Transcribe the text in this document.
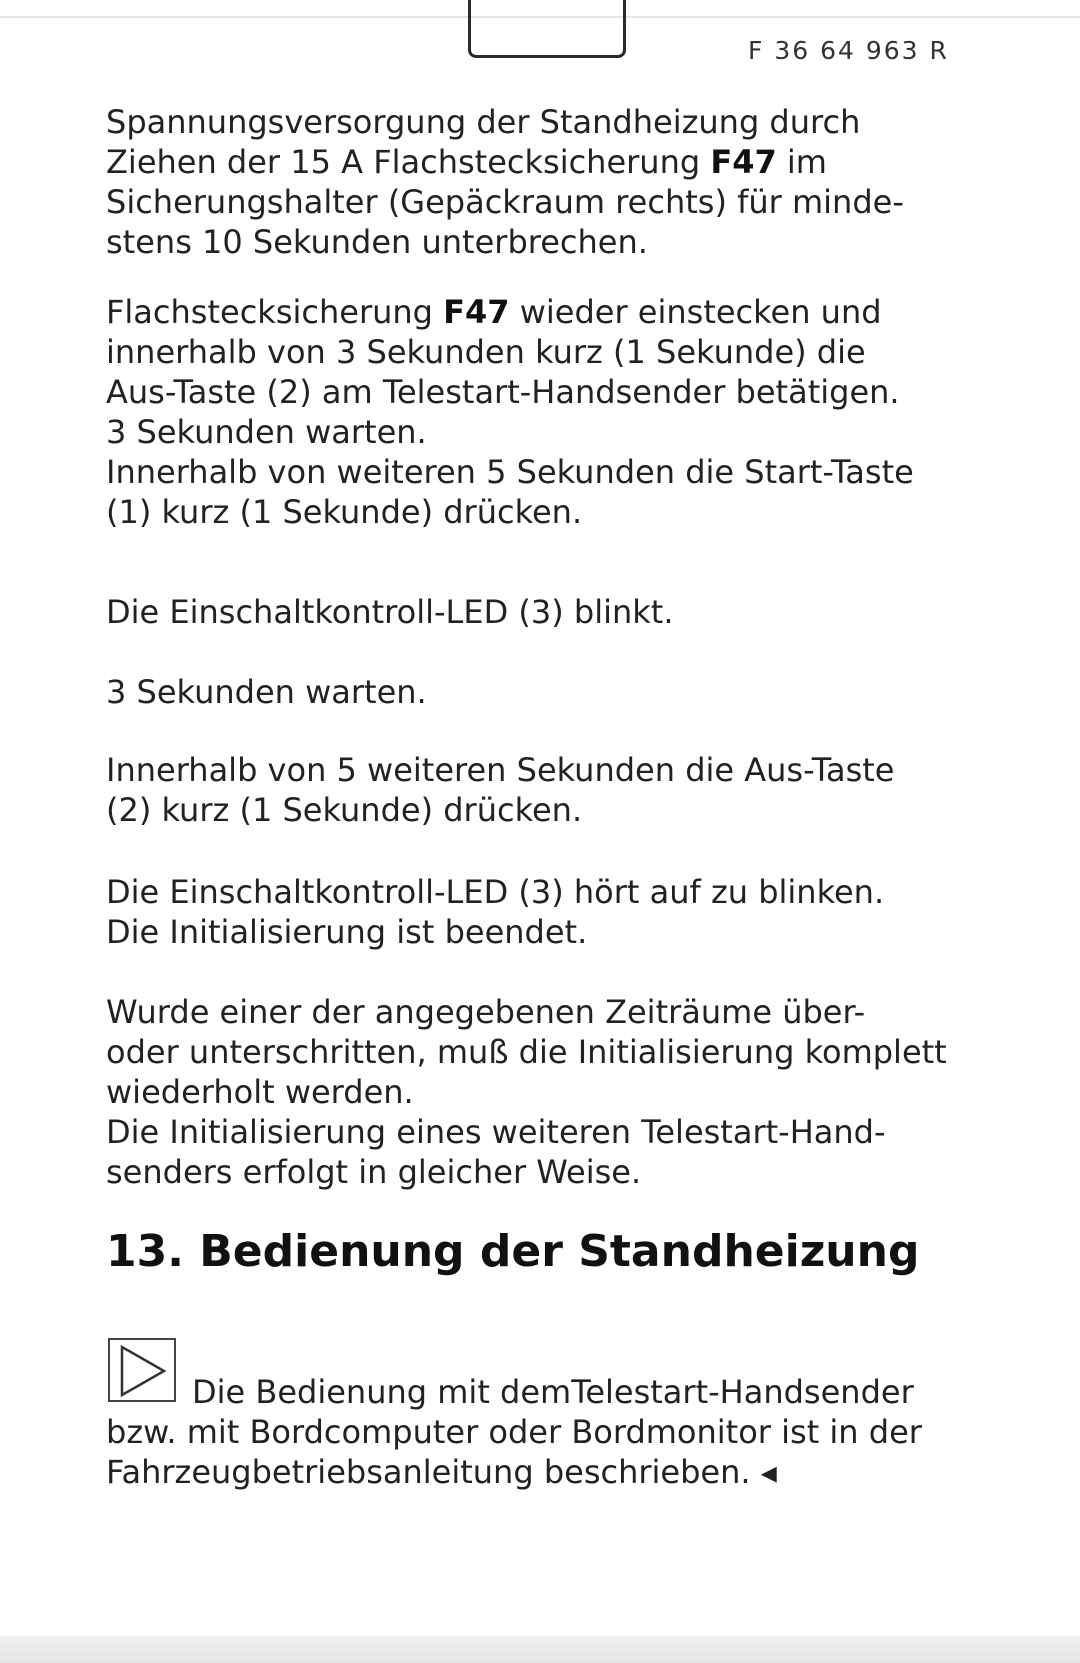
F 36 64 963 R
Spannungsversorgung der Standheizung durch
Ziehen der 15 A Flachstecksicherung F47 im
Sicherungshalter (Gepäckraum rechts) für minde-
stens 10 Sekunden unterbrechen.
Flachstecksicherung F47 wieder einstecken und
innerhalb von 3 Sekunden kurz (1 Sekunde) die
Aus-Taste (2) am Telestart-Handsender betätigen.
3 Sekunden warten.
Innerhalb von weiteren 5 Sekunden die Start-Taste
(1) kurz (1 Sekunde) drücken.
Die Einschaltkontroll-LED (3) blinkt.
3 Sekunden warten.
Innerhalb von 5 weiteren Sekunden die Aus-Taste
(2) kurz (1 Sekunde) drücken.
Die Einschaltkontroll-LED (3) hört auf zu blinken.
Die Initialisierung ist beendet.
Wurde einer der angegebenen Zeiträume über-
oder unterschritten, muß die Initialisierung komplett
wiederholt werden.
Die Initialisierung eines weiteren Telestart-Hand-
senders erfolgt in gleicher Weise.
13. Bedienung der Standheizung
Die Bedienung mit demTelestart-Handsender
bzw. mit Bordcomputer oder Bordmonitor ist in der
Fahrzeugbetriebsanleitung beschrieben. ◂
